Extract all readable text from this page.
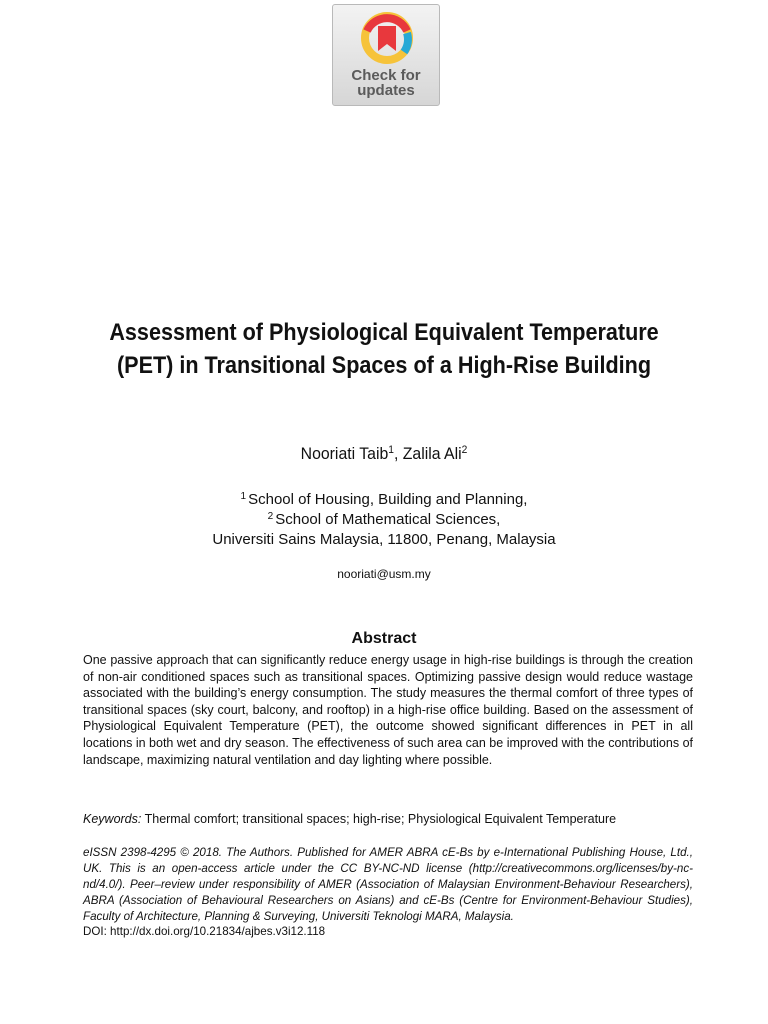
Check for
updates
Assessment of Physiological Equivalent Temperature (PET) in Transitional Spaces of a High-Rise Building
Nooriati Taib$^1$, Zalila Ali$^2$
$^1$ School of Housing, Building and Planning,
$^2$ School of Mathematical Sciences,
Universiti Sains Malaysia, 11800, Penang, Malaysia
nooriati@usm.my
Abstract

One passive approach that can significantly reduce energy usage in high-rise buildings is through the creation of non-air conditioned spaces such as transitional spaces. Optimizing passive design would reduce wastage associated with the building’s energy consumption. The study measures the thermal comfort of three types of transitional spaces (sky court, balcony, and rooftop) in a high-rise office building. Based on the assessment of Physiological Equivalent Temperature (PET), the outcome showed significant differences in PET in all locations in both wet and dry season. The effectiveness of such area can be improved with the contributions of landscape, maximizing natural ventilation and day lighting where possible.

Keywords: Thermal comfort; transitional spaces; high-rise; Physiological Equivalent Temperature

eISSN 2398-4295 © 2018. The Authors. Published for AMER ABRA cE-Bs by e-International Publishing House, Ltd., UK. This is an open-access article under the CC BY-NC-ND license (http://creativecommons.org/licenses/by-nc-nd/4.0/). Peer–review under responsibility of AMER (Association of Malaysian Environment-Behaviour Researchers), ABRA (Association of Behavioural Researchers on Asians) and cE-Bs (Centre for Environment-Behaviour Studies), Faculty of Architecture, Planning & Surveying, Universiti Teknologi MARA, Malaysia.

DOI: http://dx.doi.org/10.21834/ajbes.v3i12.118
